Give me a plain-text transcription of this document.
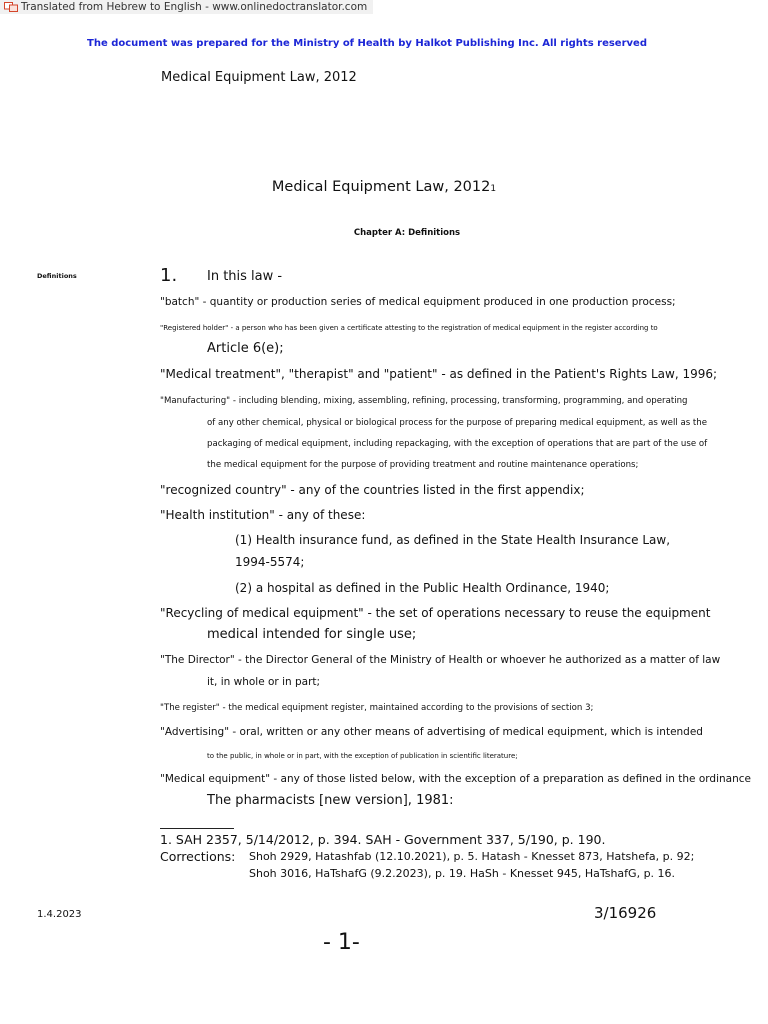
Translated from Hebrew to English - www.onlinedoctranslator.com
The document was prepared for the Ministry of Health by Halkot Publishing Inc. All rights reserved
Medical Equipment Law, 2012
Medical Equipment Law, 20121
Chapter A: Definitions
Definitions	1. In this law -
"batch" - quantity or production series of medical equipment produced in one production process;
"Registered holder" - a person who has been given a certificate attesting to the registration of medical equipment in the register according to
Article 6(e);
"Medical treatment", "therapist" and "patient" - as defined in the Patient's Rights Law, 1996;
"Manufacturing" - including blending, mixing, assembling, refining, processing, transforming, programming, and operating
of any other chemical, physical or biological process for the purpose of preparing medical equipment, as well as the
packaging of medical equipment, including repackaging, with the exception of operations that are part of the use of
the medical equipment for the purpose of providing treatment and routine maintenance operations;
"recognized country" - any of the countries listed in the first appendix;
"Health institution" - any of these:
(1) Health insurance fund, as defined in the State Health Insurance Law,
1994-5574;
(2) a hospital as defined in the Public Health Ordinance, 1940;
"Recycling of medical equipment" - the set of operations necessary to reuse the equipment
medical intended for single use;
"The Director" - the Director General of the Ministry of Health or whoever he authorized as a matter of law
it, in whole or in part;
"The register" - the medical equipment register, maintained according to the provisions of section 3;
"Advertising" - oral, written or any other means of advertising of medical equipment, which is intended
to the public, in whole or in part, with the exception of publication in scientific literature;
"Medical equipment" - any of those listed below, with the exception of a preparation as defined in the ordinance
The pharmacists [new version], 1981:
1. SAH 2357, 5/14/2012, p. 394. SAH - Government 337, 5/190, p. 190.
Corrections: Shoh 2929, Hatashfab (12.10.2021), p. 5. Hatash - Knesset 873, Hatshefa, p. 92;
Shoh 3016, HaTshafG (9.2.2023), p. 19. HaSh - Knesset 945, HaTshafG, p. 16.
1.4.2023	3/16926
- 1-
